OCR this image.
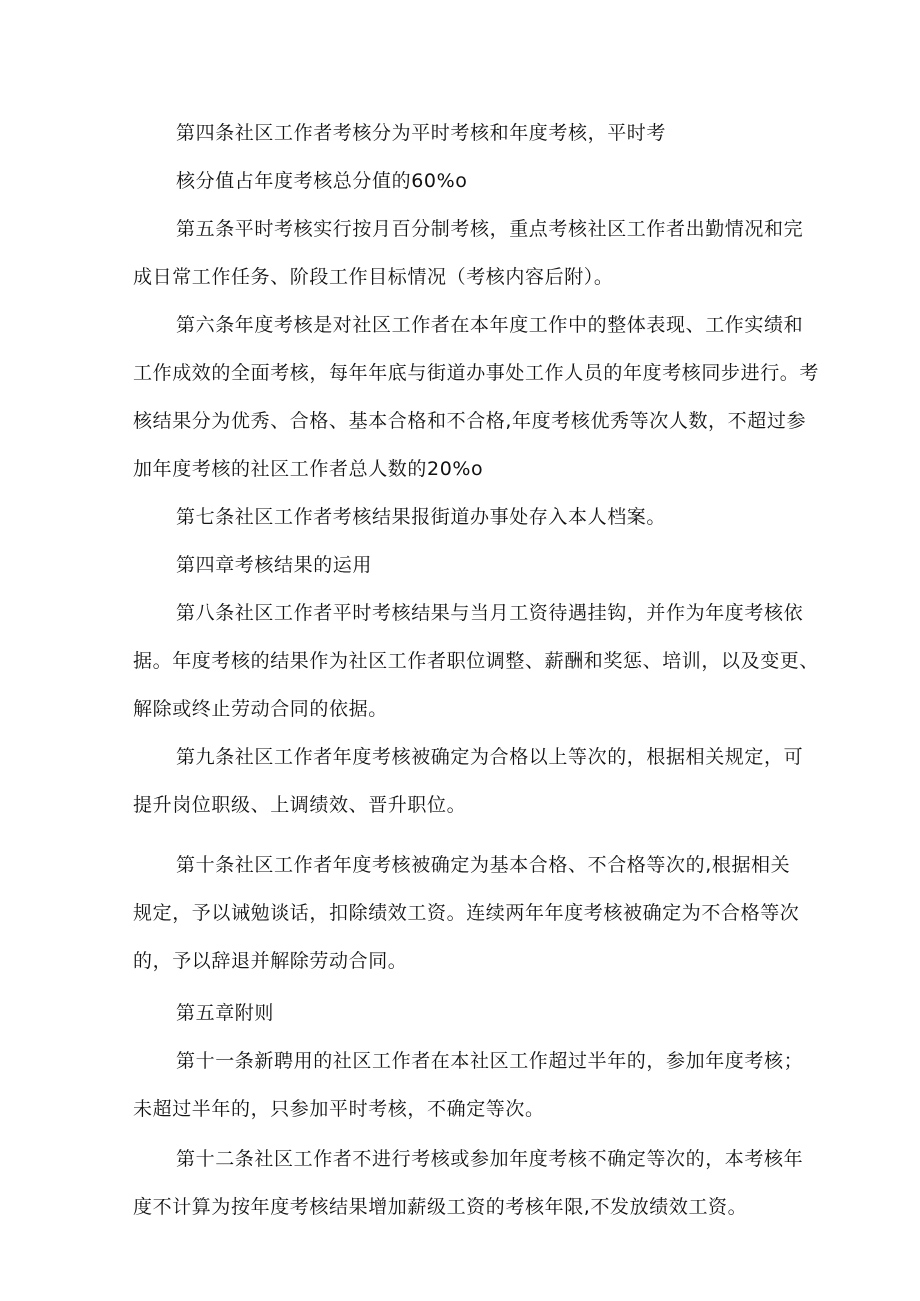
第四条社区工作者考核分为平时考核和年度考核，平时考
核分值占年度考核总分值的60%o
第五条平时考核实行按月百分制考核，重点考核社区工作者出勤情况和完
成日常工作任务、阶段工作目标情况（考核内容后附）。
第六条年度考核是对社区工作者在本年度工作中的整体表现、工作实绩和
工作成效的全面考核，每年年底与街道办事处工作人员的年度考核同步进行。考
核结果分为优秀、合格、基本合格和不合格,年度考核优秀等次人数，不超过参
加年度考核的社区工作者总人数的20%o
第七条社区工作者考核结果报街道办事处存入本人档案。
第四章考核结果的运用
第八条社区工作者平时考核结果与当月工资待遇挂钩，并作为年度考核依
据。年度考核的结果作为社区工作者职位调整、薪酬和奖惩、培训，以及变更、
解除或终止劳动合同的依据。
第九条社区工作者年度考核被确定为合格以上等次的，根据相关规定，可
提升岗位职级、上调绩效、晋升职位。
第十条社区工作者年度考核被确定为基本合格、不合格等次的,根据相关
规定，予以诫勉谈话，扣除绩效工资。连续两年年度考核被确定为不合格等次
的，予以辞退并解除劳动合同。
第五章附则
第十一条新聘用的社区工作者在本社区工作超过半年的，参加年度考核；
未超过半年的，只参加平时考核，不确定等次。
第十二条社区工作者不进行考核或参加年度考核不确定等次的，本考核年
度不计算为按年度考核结果增加薪级工资的考核年限,不发放绩效工资。
